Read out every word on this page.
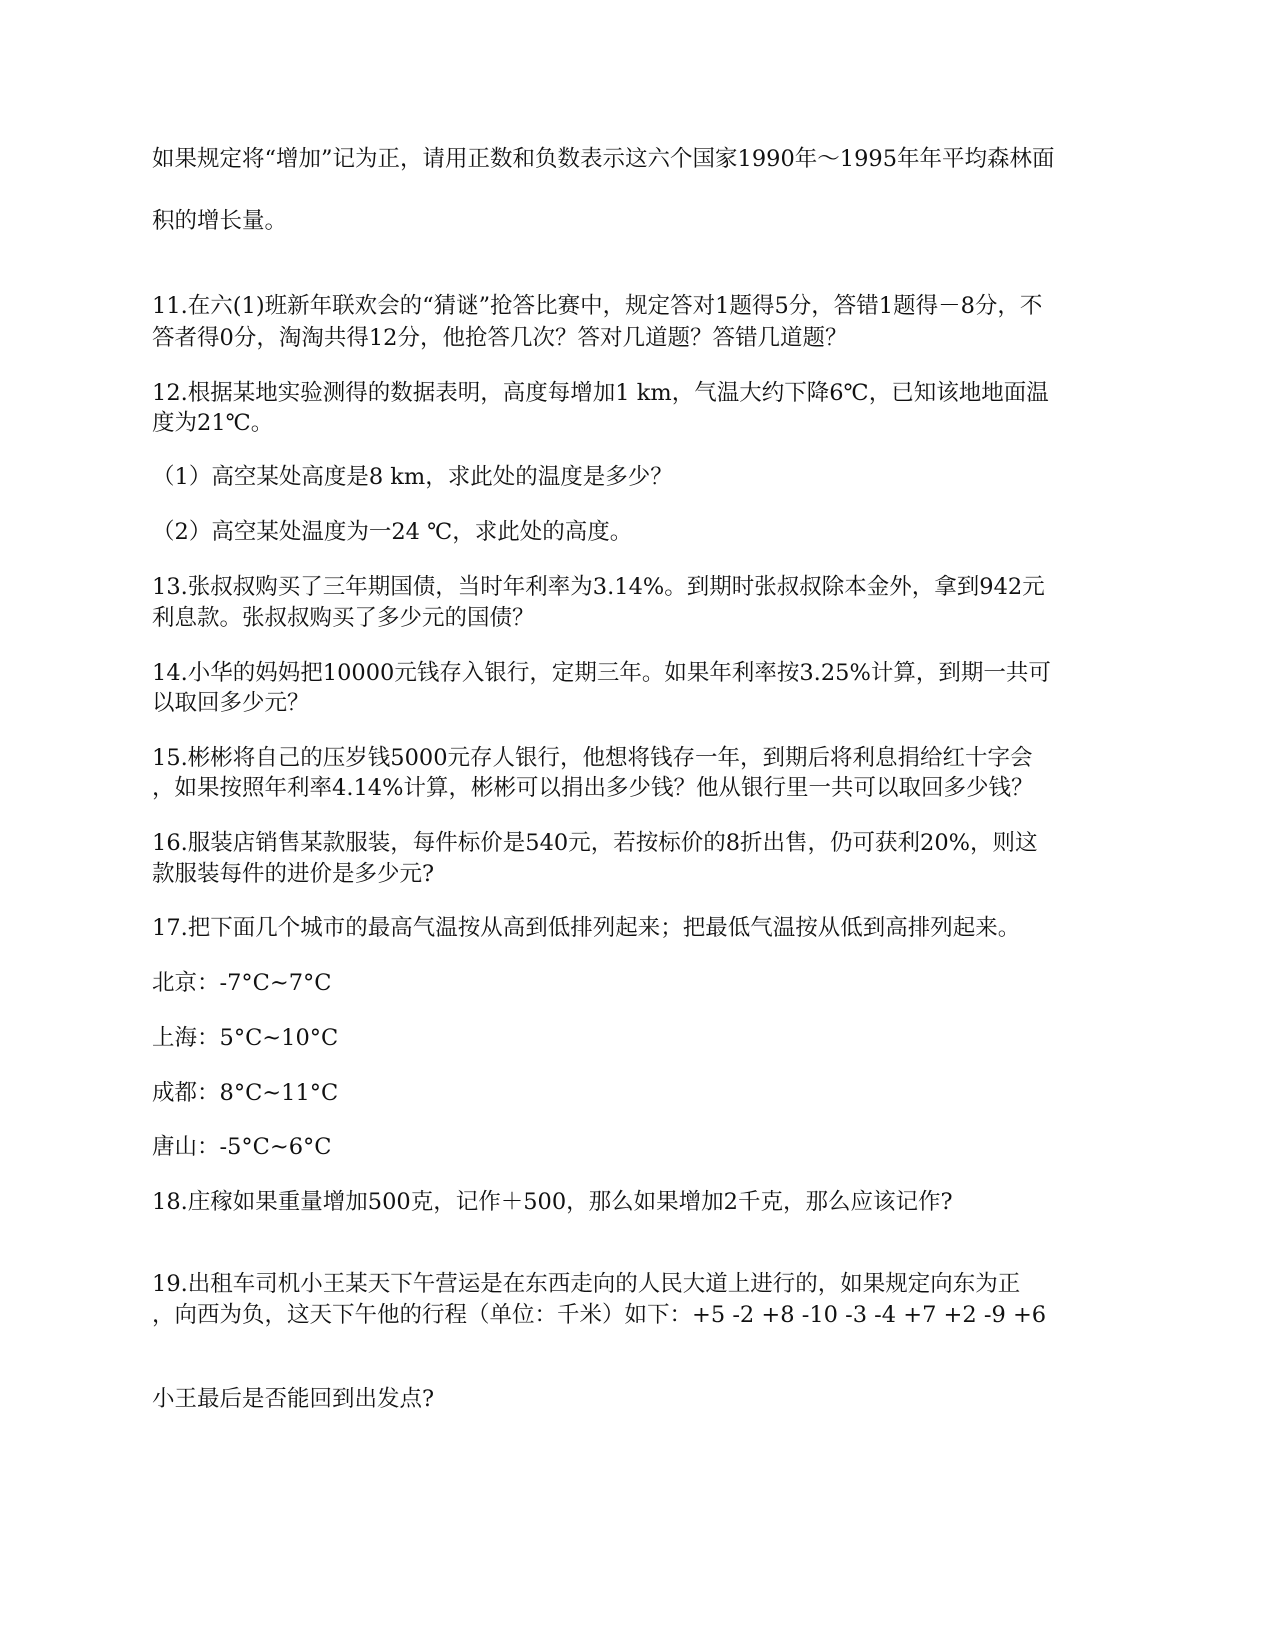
如果规定将“增加”记为正，请用正数和负数表示这六个国家1990年～1995年年平均森林面
积的增长量。
11.在六(1)班新年联欢会的“猜谜”抢答比赛中，规定答对1题得5分，答错1题得－8分，不
答者得0分，淘淘共得12分，他抢答几次？答对几道题？答错几道题？
12.根据某地实验测得的数据表明，高度每增加1 km，气温大约下降6℃，已知该地地面温
度为21℃。
（1）高空某处高度是8 km，求此处的温度是多少？
（2）高空某处温度为一24 ℃，求此处的高度。
13.张叔叔购买了三年期国债，当时年利率为3.14%。到期时张叔叔除本金外，拿到942元
利息款。张叔叔购买了多少元的国债？
14.小华的妈妈把10000元钱存入银行，定期三年。如果年利率按3.25%计算，到期一共可
以取回多少元？
15.彬彬将自己的压岁钱5000元存人银行，他想将钱存一年，到期后将利息捐给红十字会
，如果按照年利率4.14%计算，彬彬可以捐出多少钱？他从银行里一共可以取回多少钱？
16.服装店销售某款服装，每件标价是540元，若按标价的8折出售，仍可获利20%，则这
款服装每件的进价是多少元?
17.把下面几个城市的最高气温按从高到低排列起来；把最低气温按从低到高排列起来。
北京：-7°C~7°C
上海：5°C~10°C
成都：8°C~11°C
唐山：-5°C~6°C
18.庄稼如果重量增加500克，记作＋500，那么如果增加2千克，那么应该记作?
19.出租车司机小王某天下午营运是在东西走向的人民大道上进行的，如果规定向东为正
，向西为负，这天下午他的行程（单位：千米）如下：+5 -2 +8 -10 -3 -4 +7 +2 -9 +6
小王最后是否能回到出发点?
